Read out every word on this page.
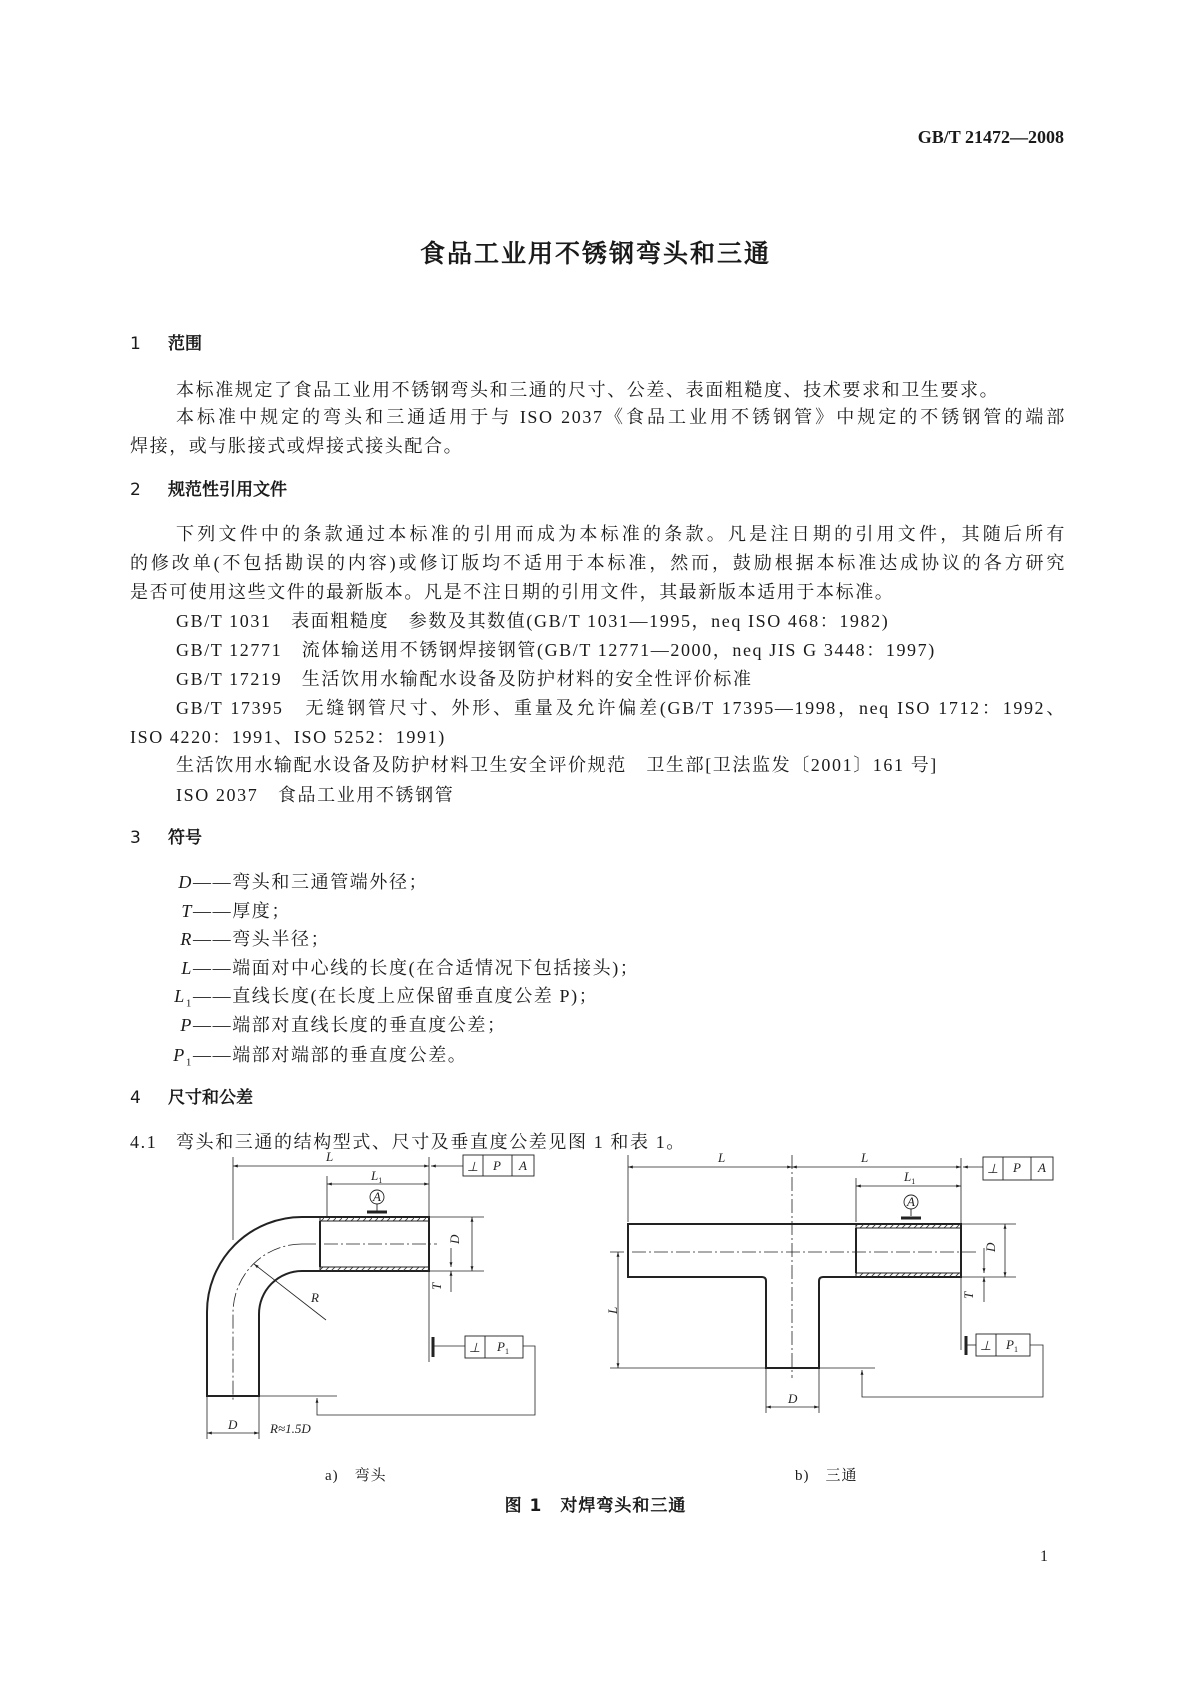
GB/T 21472—2008
食品工业用不锈钢弯头和三通
1 范围
本标准规定了食品工业用不锈钢弯头和三通的尺寸、公差、表面粗糙度、技术要求和卫生要求。
本标准中规定的弯头和三通适用于与 ISO 2037《食品工业用不锈钢管》中规定的不锈钢管的端部
焊接，或与胀接式或焊接式接头配合。
2 规范性引用文件
下列文件中的条款通过本标准的引用而成为本标准的条款。凡是注日期的引用文件，其随后所有
的修改单(不包括勘误的内容)或修订版均不适用于本标准，然而，鼓励根据本标准达成协议的各方研究
是否可使用这些文件的最新版本。凡是不注日期的引用文件，其最新版本适用于本标准。
GB/T 1031　表面粗糙度　参数及其数值(GB/T 1031—1995，neq ISO 468：1982)
GB/T 12771　流体输送用不锈钢焊接钢管(GB/T 12771—2000，neq JIS G 3448：1997)
GB/T 17219　生活饮用水输配水设备及防护材料的安全性评价标准
GB/T 17395　无缝钢管尺寸、外形、重量及允许偏差(GB/T 17395—1998，neq ISO 1712：1992、
ISO 4220：1991、ISO 5252：1991)
生活饮用水输配水设备及防护材料卫生安全评价规范　卫生部[卫法监发〔2001〕161 号]
ISO 2037　食品工业用不锈钢管
3 符号
D——弯头和三通管端外径；
T——厚度；
R——弯头半径；
L——端面对中心线的长度(在合适情况下包括接头)；
$L_1——$直线长度(在长度上应保留垂直度公差 P)；
P——端部对直线长度的垂直度公差；
$P_1——$端部对端部的垂直度公差。
4 尺寸和公差
4.1 弯头和三通的结构型式、尺寸及垂直度公差见图 1 和表 1。
L
$L_1$
A
D
T
R
D	R≈1.5D
⊥ P A
⊥ $P_1$
L	L
$L_1$
A
L
D
T
D
⊥ P A
⊥ $P_1$
a)　弯头	b)　三通
图 1　对焊弯头和三通
1
